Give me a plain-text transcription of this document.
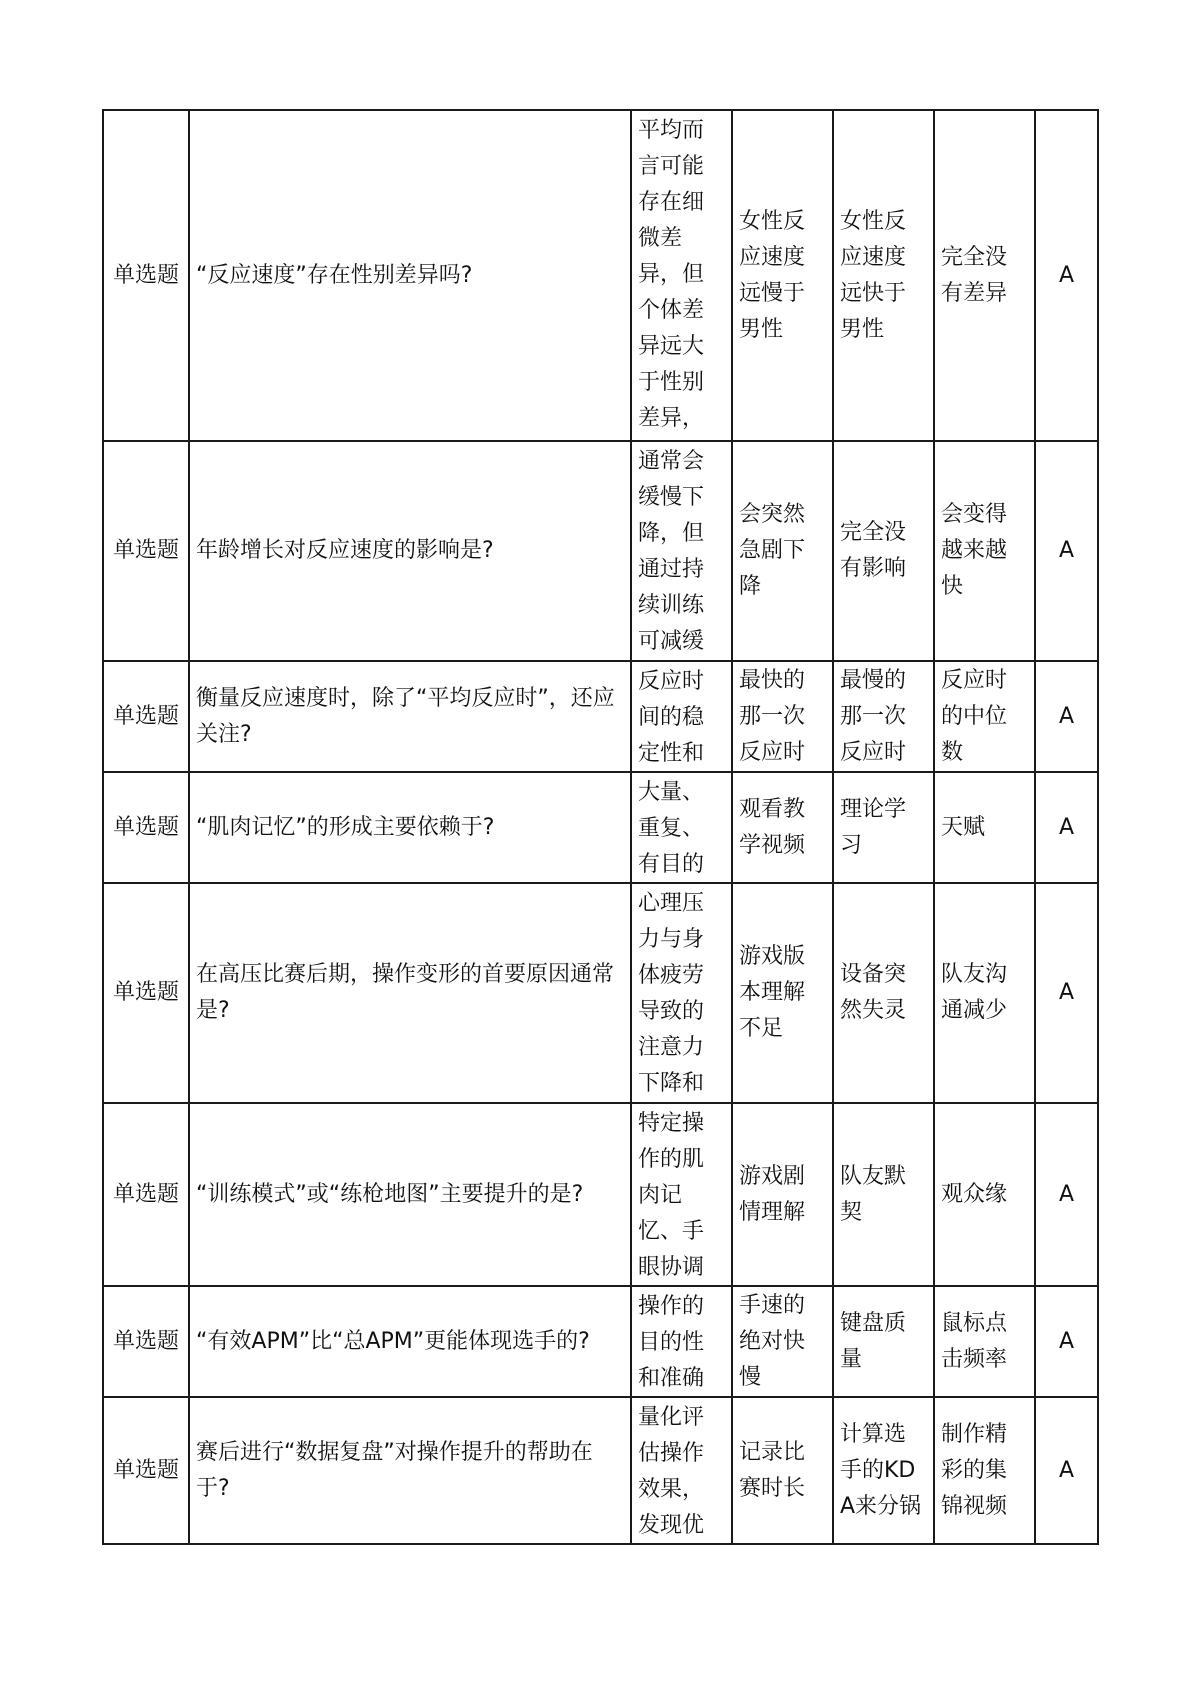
单选题	“反应速度”存在性别差异吗?	平均而言可能存在细微差异，但个体差异远大于性别差异，	女性反应速度远慢于男性	女性反应速度远快于男性	完全没有差异	A

单选题	年龄增长对反应速度的影响是?	通常会缓慢下降，但通过持续训练可减缓	会突然急剧下降	完全没有影响	会变得越来越快	A

单选题	衡量反应速度时，除了“平均反应时”，还应关注?	反应时间的稳定性和	最快的那一次反应时	最慢的那一次反应时	反应时的中位数	A

单选题	“肌肉记忆”的形成主要依赖于?	大量、重复、有目的	观看教学视频	理论学习	天赋	A

单选题	在高压比赛后期，操作变形的首要原因通常是?	心理压力与身体疲劳导致的注意力下降和	游戏版本理解不足	设备突然失灵	队友沟通减少	A

单选题	“训练模式”或“练枪地图”主要提升的是?	特定操作的肌肉记忆、手眼协调	游戏剧情理解	队友默契	观众缘	A

单选题	“有效APM”比“总APM”更能体现选手的?	操作的目的性和准确	手速的绝对快慢	键盘质量	鼠标点击频率	A

单选题	赛后进行“数据复盘”对操作提升的帮助在于?	量化评估操作效果，发现优	记录比赛时长	计算选手的KDA来分锅	制作精彩的集锦视频	A
